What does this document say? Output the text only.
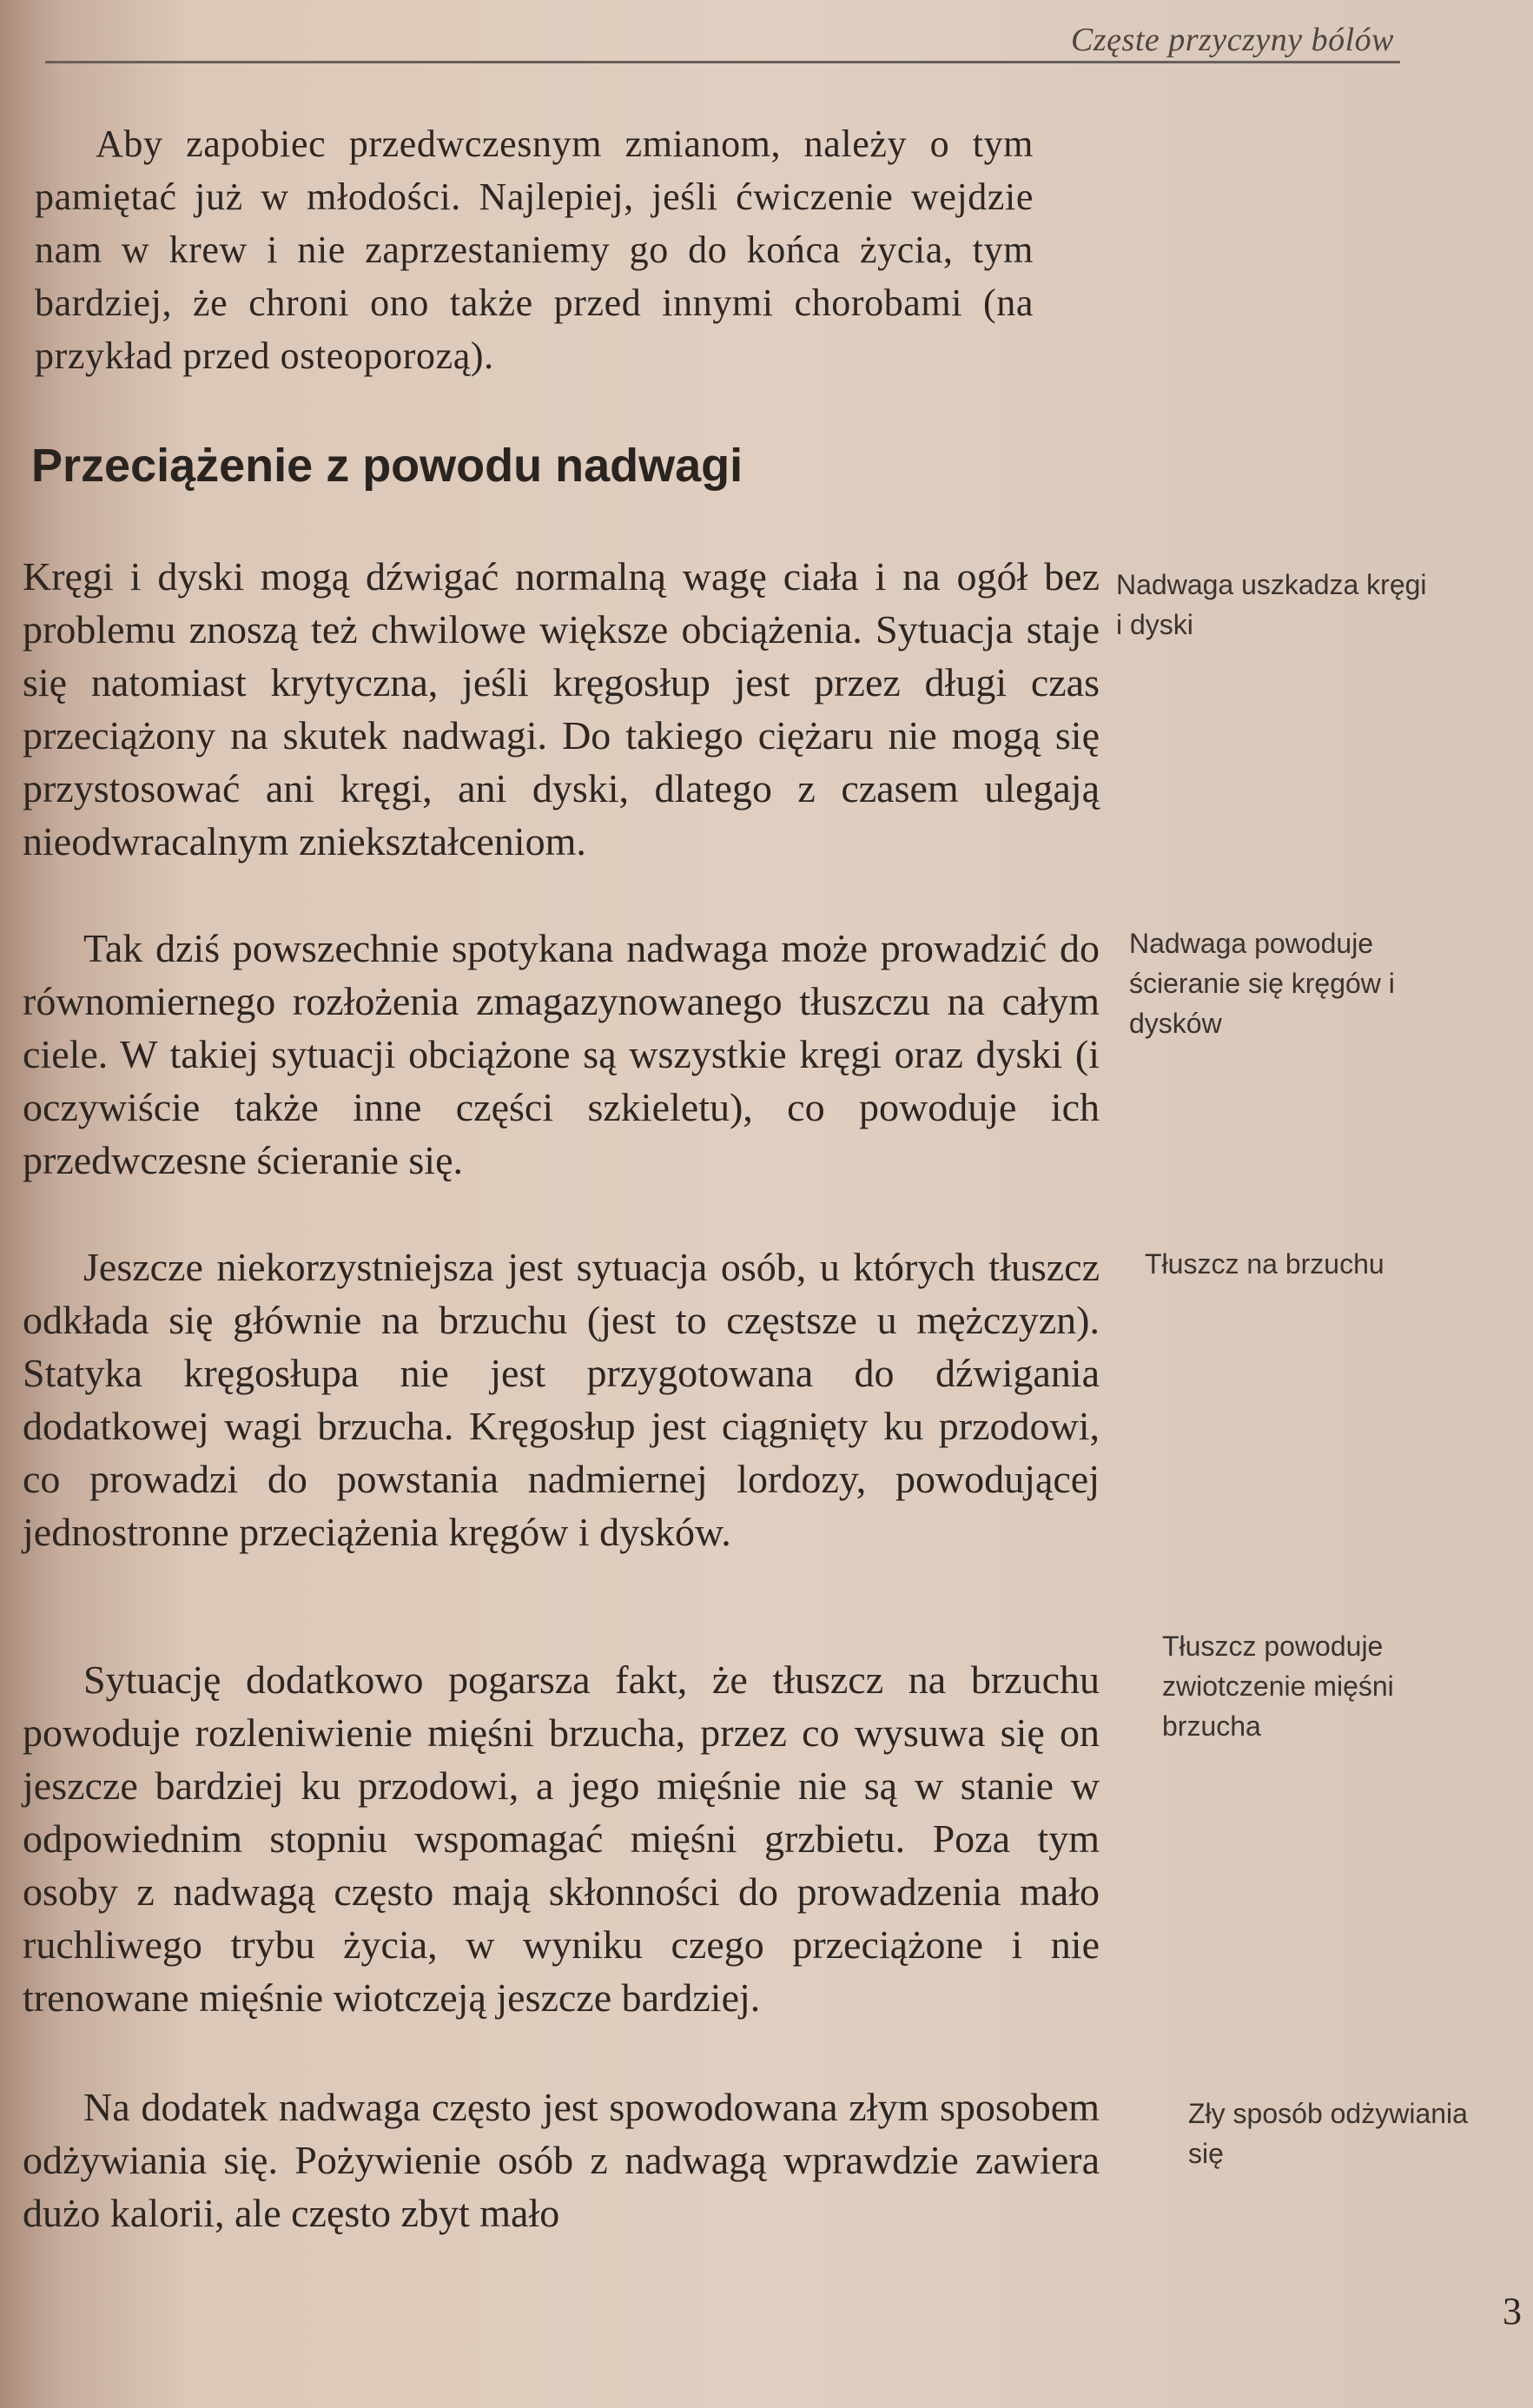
Częste przyczyny bólów

Aby zapobiec przedwczesnym zmianom, należy o tym pamiętać już w młodości. Najlepiej, jeśli ćwiczenie wejdzie nam w krew i nie zaprzestaniemy go do końca życia, tym bardziej, że chroni ono także przed innymi chorobami (na przykład przed osteoporozą).

Przeciążenie z powodu nadwagi

Kręgi i dyski mogą dźwigać normalną wagę ciała i na ogół bez problemu znoszą też chwilowe większe obciążenia. Sytuacja staje się natomiast krytyczna, jeśli kręgosłup jest przez długi czas przeciążony na skutek nadwagi. Do takiego ciężaru nie mogą się przystosować ani kręgi, ani dyski, dlatego z czasem ulegają nieodwracalnym zniekształceniom.

Tak dziś powszechnie spotykana nadwaga może prowadzić do równomiernego rozłożenia zmagazynowanego tłuszczu na całym ciele. W takiej sytuacji obciążone są wszystkie kręgi oraz dyski (i oczywiście także inne części szkieletu), co powoduje ich przedwczesne ścieranie się.

Jeszcze niekorzystniejsza jest sytuacja osób, u których tłuszcz odkłada się głównie na brzuchu (jest to częstsze u mężczyzn). Statyka kręgosłupa nie jest przygotowana do dźwigania dodatkowej wagi brzucha. Kręgosłup jest ciągnięty ku przodowi, co prowadzi do powstania nadmiernej lordozy, powodującej jednostronne przeciążenia kręgów i dysków.

Sytuację dodatkowo pogarsza fakt, że tłuszcz na brzuchu powoduje rozleniwienie mięśni brzucha, przez co wysuwa się on jeszcze bardziej ku przodowi, a jego mięśnie nie są w stanie w odpowiednim stopniu wspomagać mięśni grzbietu. Poza tym osoby z nadwagą często mają skłonności do prowadzenia mało ruchliwego trybu życia, w wyniku czego przeciążone i nie trenowane mięśnie wiotczeją jeszcze bardziej.

Na dodatek nadwaga często jest spowodowana złym sposobem odżywiania się. Pożywienie osób z nadwagą wprawdzie zawiera dużo kalorii, ale często zbyt mało

Nadwaga uszkadza kręgi i dyski

Nadwaga powoduje ścieranie się kręgów i dysków

Tłuszcz na brzuchu

Tłuszcz powoduje zwiotczenie mięśni brzucha

Zły sposób odżywiania się

3
